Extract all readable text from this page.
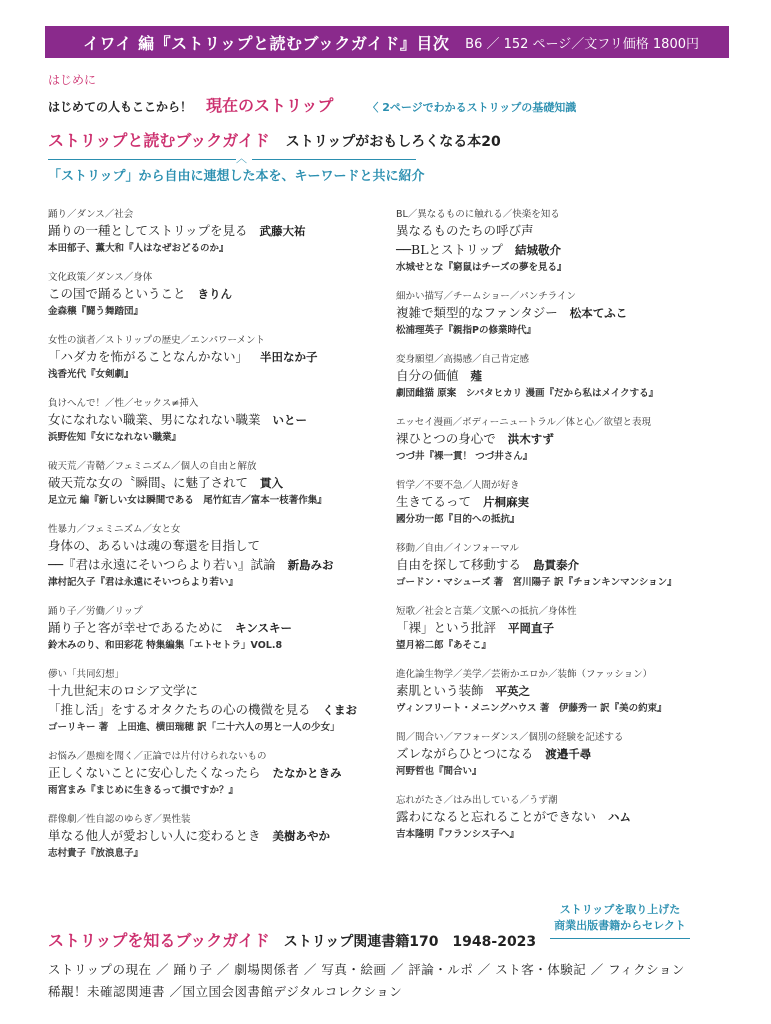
イワイ 編『ストリップと読むブックガイド』目次 B6 ／ 152 ページ／文フリ価格 1800円
はじめに
はじめての人もここから！ 現在のストリップ	〈 2ページでわかるストリップの基礎知識
ストリップと読むブックガイド ストリップがおもしろくなる本20
︿
「ストリップ」から自由に連想した本を、キーワードと共に紹介
踊り／ダンス／社会
踊りの一種としてストリップを見る 武藤大祐
本田郁子、薫大和『人はなぜおどるのか』
文化政策／ダンス／身体
この国で踊るということ きりん
金森穣『闘う舞踏団』
女性の演者／ストリップの歴史／エンパワーメント
「ハダカを怖がることなんかない」 半田なか子
浅香光代『女剣劇』
負けへんで！／性／セックス≠挿入
女になれない職業、男になれない職業 いとー
浜野佐知『女になれない職業』
破天荒／青鞜／フェミニズム／個人の自由と解放
破天荒な女の〝瞬間〟に魅了されて 貫入
足立元 編『新しい女は瞬間である　尾竹紅吉／富本一枝著作集』
性暴力／フェミニズム／女と女
身体の、あるいは魂の奪還を目指して
──『君は永遠にそいつらより若い』試論 新島みお
津村記久子『君は永遠にそいつらより若い』
踊り子／労働／リップ
踊り子と客が幸せであるために キンスキー
鈴木みのり、和田彩花 特集編集「エトセトラ」VOL.8
儚い「共同幻想」
十九世紀末のロシア文学に
「推し活」をするオタクたちの心の機微を見る くまお
ゴーリキー 著　上田進、横田瑞穂 訳「二十六人の男と一人の少女」
お悩み／愚痴を聞く／正論では片付けられないもの
正しくないことに安心したくなったら たなかときみ
雨宮まみ『まじめに生きるって損ですか？』
群像劇／性自認のゆらぎ／異性装
単なる他人が愛おしい人に変わるとき 美樹あやか
志村貴子『放浪息子』
BL／異なるものに触れる／快楽を知る
異なるものたちの呼び声
──BLとストリップ 結城敬介
水城せとな『窮鼠はチーズの夢を見る』
細かい描写／チームショー／パンチライン
複雑で類型的なファンタジー 松本てふこ
松浦理英子『親指Pの修業時代』
変身願望／高揚感／自己肯定感
自分の価値 薤
劇団雌猫 原案　シバタヒカリ 漫画『だから私はメイクする』
エッセイ漫画／ボディーニュートラル／体と心／欲望と表現
裸ひとつの身心で 洪木すず
つづ井『裸一貫！ つづ井さん』
哲学／不要不急／人間が好き
生きてるって 片桐麻実
國分功一郎『目的への抵抗』
移動／自由／インフォーマル
自由を探して移動する 島貫泰介
ゴードン・マシューズ 著　宮川陽子 訳『チョンキンマンション』
短歌／社会と言葉／文脈への抵抗／身体性
「裸」という批評 平岡直子
望月裕二郎『あそこ』
進化論生物学／美学／芸術かエロか／装飾（ファッション）
素肌という装飾 平英之
ヴィンフリート・メニングハウス 著　伊藤秀一 訳『美の約束』
間／間合い／アフォーダンス／個別の経験を記述する
ズレながらひとつになる 渡邉千尋
河野哲也『間合い』
忘れがたさ／はみ出している／うず潮
露わになると忘れることができない ハム
吉本隆明『フランシス子へ』
ストリップを知るブックガイド ストリップ関連書籍170　1948-2023
ストリップを取り上げた
商業出版書籍からセレクト
ストリップの現在 ／ 踊り子 ／ 劇場関係者 ／ 写真・絵画 ／ 評論・ルポ ／ スト客・体験記 ／ フィクション
稀覯！未確認関連書 ／国立国会図書館デジタルコレクション
